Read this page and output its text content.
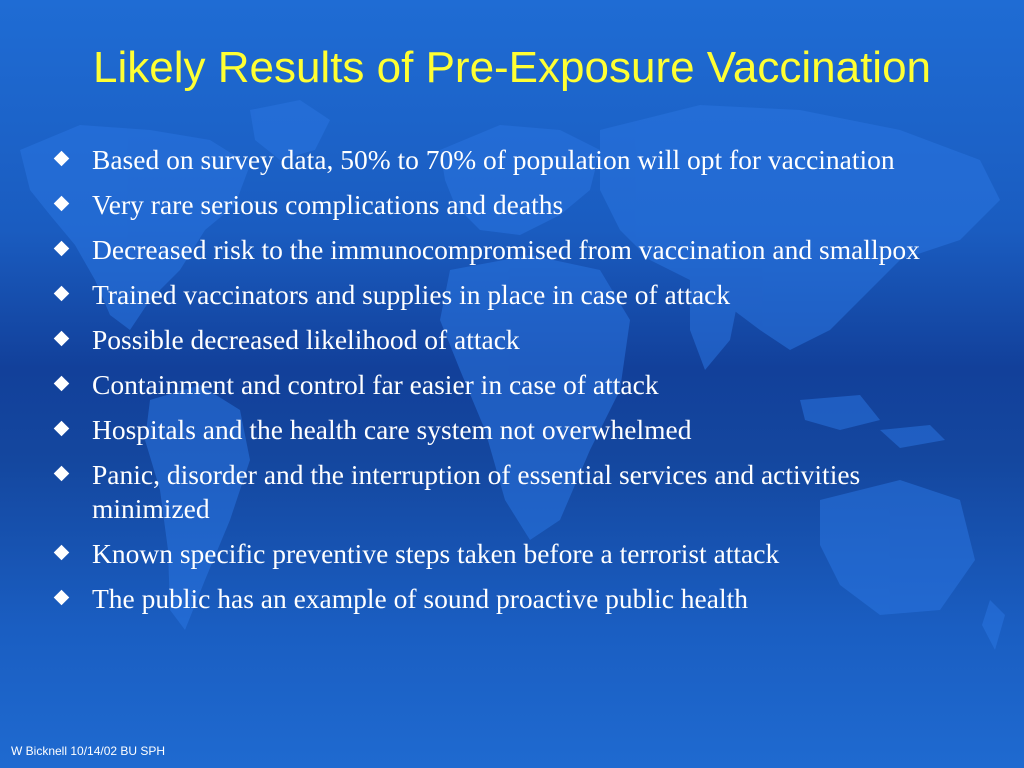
Likely Results of Pre-Exposure Vaccination
Based on survey data, 50% to 70% of population will opt for vaccination
Very rare serious complications and deaths
Decreased risk to the immunocompromised from vaccination and smallpox
Trained vaccinators and supplies in place in case of attack
Possible decreased likelihood of attack
Containment and control far easier in case of attack
Hospitals and the health care system not overwhelmed
Panic, disorder and the interruption of essential services and activities minimized
Known specific preventive steps taken before a terrorist attack
The public has an example of sound proactive public health
W Bicknell 10/14/02 BU SPH
